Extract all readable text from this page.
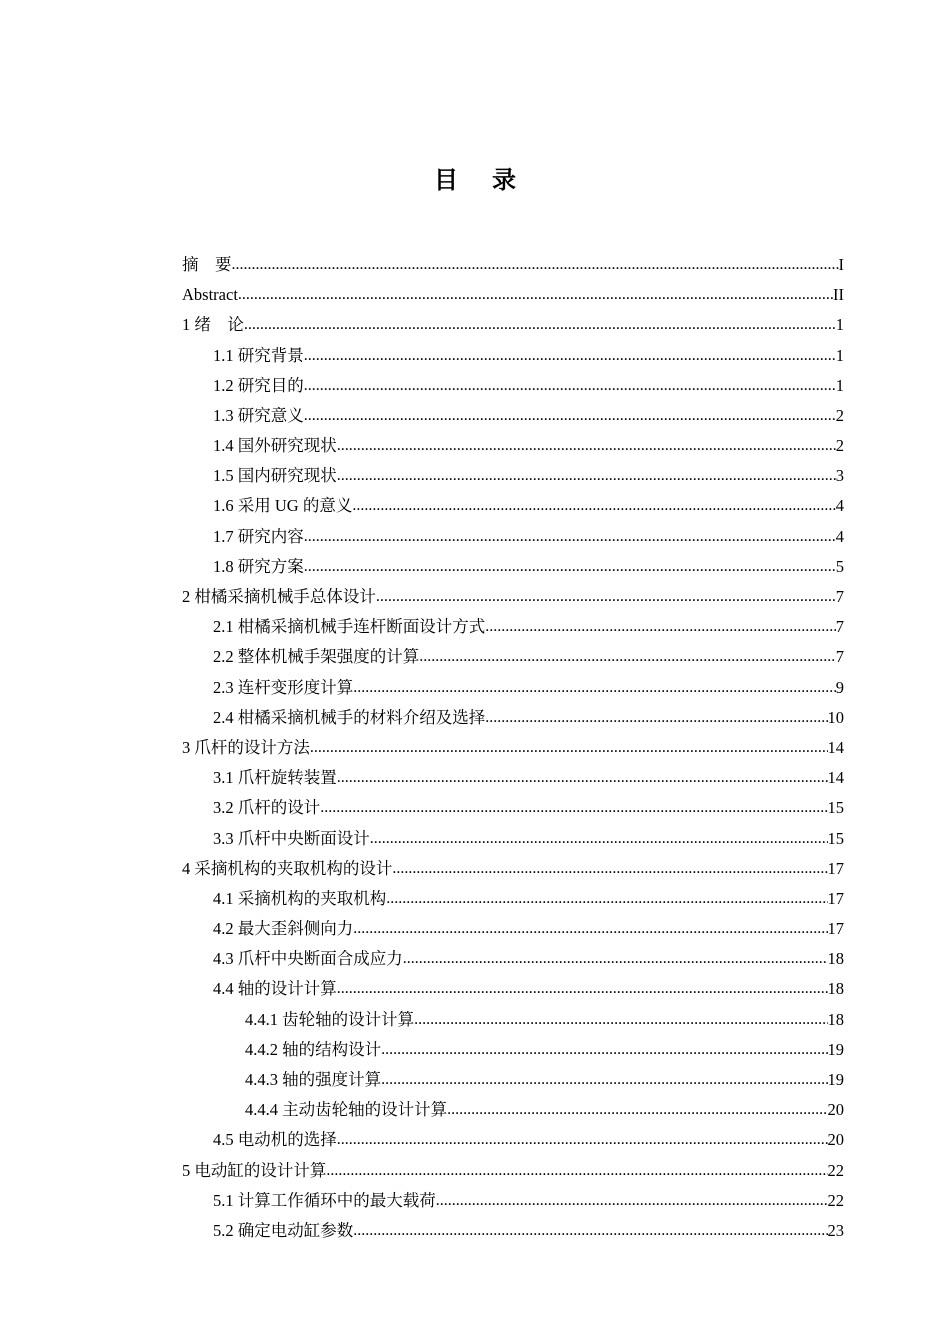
目 录
摘　要 .....	I
Abstract .....	II
1 绪　论 .....	1
1.1 研究背景 .....	1
1.2 研究目的 .....	1
1.3 研究意义 .....	2
1.4 国外研究现状 .....	2
1.5 国内研究现状 .....	3
1.6 采用 UG 的意义 .....	4
1.7 研究内容 .....	4
1.8 研究方案 .....	5
2 柑橘采摘机械手总体设计 .....	7
2.1 柑橘采摘机械手连杆断面设计方式 .....	7
2.2 整体机械手架强度的计算 .....	7
2.3 连杆变形度计算 .....	9
2.4 柑橘采摘机械手的材料介绍及选择 .....	10
3 爪杆的设计方法 .....	14
3.1 爪杆旋转装置 .....	14
3.2 爪杆的设计 .....	15
3.3 爪杆中央断面设计 .....	15
4 采摘机构的夹取机构的设计 .....	17
4.1 采摘机构的夹取机构 .....	17
4.2 最大歪斜侧向力 .....	17
4.3 爪杆中央断面合成应力 .....	18
4.4 轴的设计计算 .....	18
4.4.1 齿轮轴的设计计算 .....	18
4.4.2 轴的结构设计 .....	19
4.4.3 轴的强度计算 .....	19
4.4.4 主动齿轮轴的设计计算 .....	20
4.5 电动机的选择 .....	20
5 电动缸的设计计算 .....	22
5.1 计算工作循环中的最大载荷 .....	22
5.2 确定电动缸参数 .....	23
